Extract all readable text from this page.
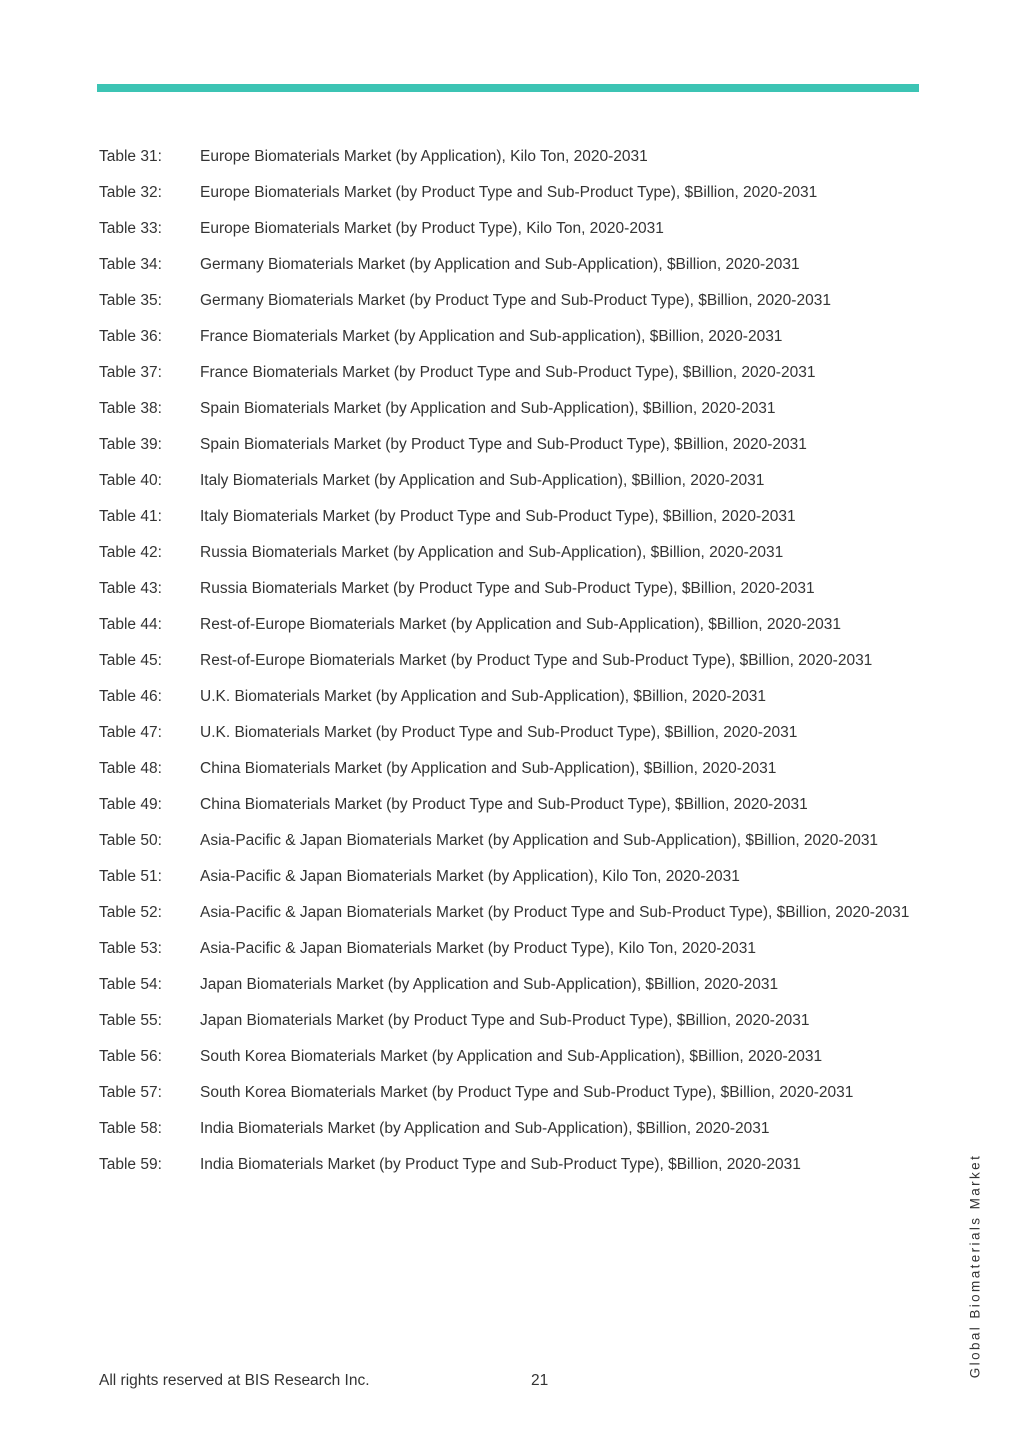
Table 31:	Europe Biomaterials Market (by Application), Kilo Ton, 2020-2031
Table 32:	Europe Biomaterials Market (by Product Type and Sub-Product Type), $Billion, 2020-2031
Table 33:	Europe Biomaterials Market (by Product Type), Kilo Ton, 2020-2031
Table 34:	Germany Biomaterials Market (by Application and Sub-Application), $Billion, 2020-2031
Table 35:	Germany Biomaterials Market (by Product Type and Sub-Product Type), $Billion, 2020-2031
Table 36:	France Biomaterials Market (by Application and Sub-application), $Billion, 2020-2031
Table 37:	France Biomaterials Market (by Product Type and Sub-Product Type), $Billion, 2020-2031
Table 38:	Spain Biomaterials Market (by Application and Sub-Application), $Billion, 2020-2031
Table 39:	Spain Biomaterials Market (by Product Type and Sub-Product Type), $Billion, 2020-2031
Table 40:	Italy Biomaterials Market (by Application and Sub-Application), $Billion, 2020-2031
Table 41:	Italy Biomaterials Market (by Product Type and Sub-Product Type), $Billion, 2020-2031
Table 42:	Russia Biomaterials Market (by Application and Sub-Application), $Billion, 2020-2031
Table 43:	Russia Biomaterials Market (by Product Type and Sub-Product Type), $Billion, 2020-2031
Table 44:	Rest-of-Europe Biomaterials Market (by Application and Sub-Application), $Billion, 2020-2031
Table 45:	Rest-of-Europe Biomaterials Market (by Product Type and Sub-Product Type), $Billion, 2020-2031
Table 46:	U.K. Biomaterials Market (by Application and Sub-Application), $Billion, 2020-2031
Table 47:	U.K. Biomaterials Market (by Product Type and Sub-Product Type), $Billion, 2020-2031
Table 48:	China Biomaterials Market (by Application and Sub-Application), $Billion, 2020-2031
Table 49:	China Biomaterials Market (by Product Type and Sub-Product Type), $Billion, 2020-2031
Table 50:	Asia-Pacific & Japan Biomaterials Market (by Application and Sub-Application), $Billion, 2020-2031
Table 51:	Asia-Pacific & Japan Biomaterials Market (by Application), Kilo Ton, 2020-2031
Table 52:	Asia-Pacific & Japan Biomaterials Market (by Product Type and Sub-Product Type), $Billion, 2020-2031
Table 53:	Asia-Pacific & Japan Biomaterials Market (by Product Type), Kilo Ton, 2020-2031
Table 54:	Japan Biomaterials Market (by Application and Sub-Application), $Billion, 2020-2031
Table 55:	Japan Biomaterials Market (by Product Type and Sub-Product Type), $Billion, 2020-2031
Table 56:	South Korea Biomaterials Market (by Application and Sub-Application), $Billion, 2020-2031
Table 57:	South Korea Biomaterials Market (by Product Type and Sub-Product Type), $Billion, 2020-2031
Table 58:	India Biomaterials Market (by Application and Sub-Application), $Billion, 2020-2031
Table 59:	India Biomaterials Market (by Product Type and Sub-Product Type), $Billion, 2020-2031
All rights reserved at BIS Research Inc.	21
Global Biomaterials Market
